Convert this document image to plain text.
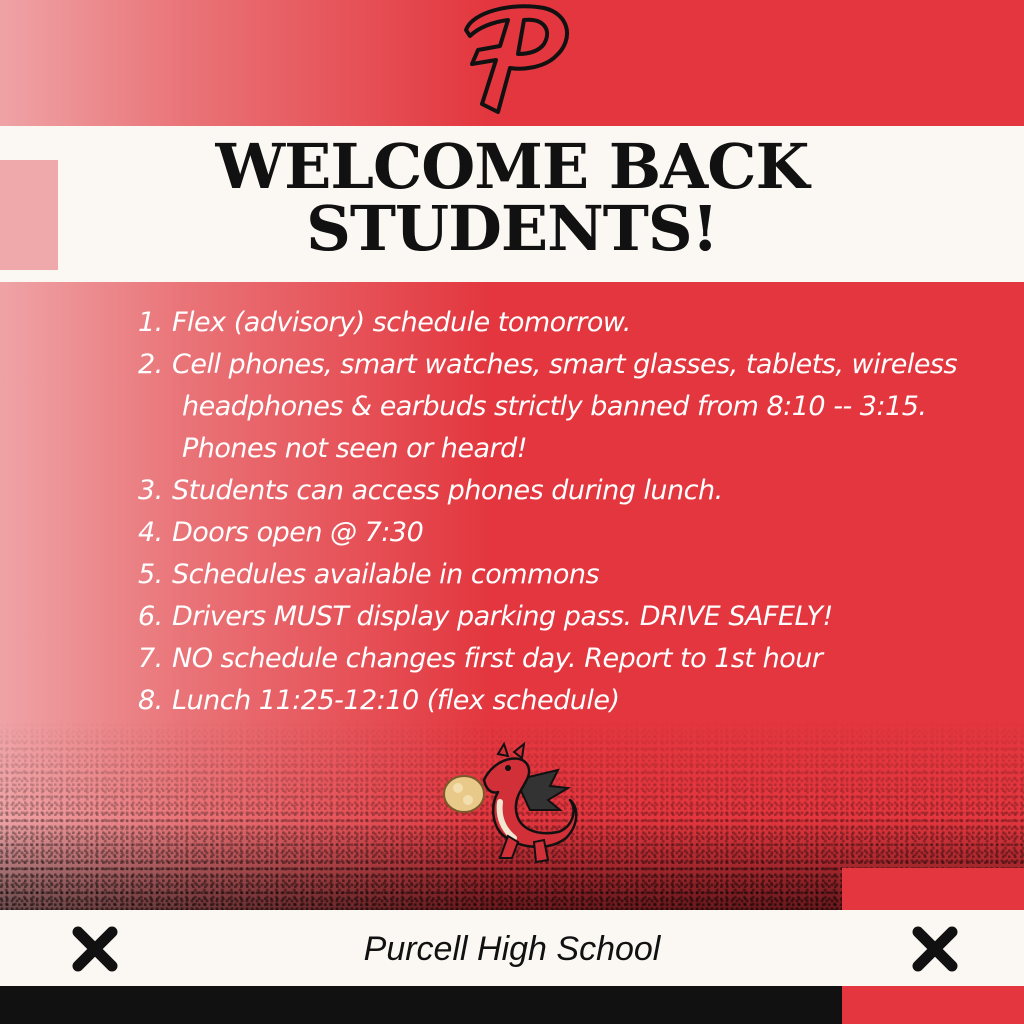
WELCOME BACK
STUDENTS!
1. Flex (advisory) schedule tomorrow.
2. Cell phones, smart watches, smart glasses, tablets, wireless headphones & earbuds strictly banned from 8:10 -- 3:15. Phones not seen or heard!
3. Students can access phones during lunch.
4. Doors open @ 7:30
5. Schedules available in commons
6. Drivers MUST display parking pass. DRIVE SAFELY!
7. NO schedule changes first day. Report to 1st hour
8. Lunch 11:25-12:10 (flex schedule)
Purcell High School
